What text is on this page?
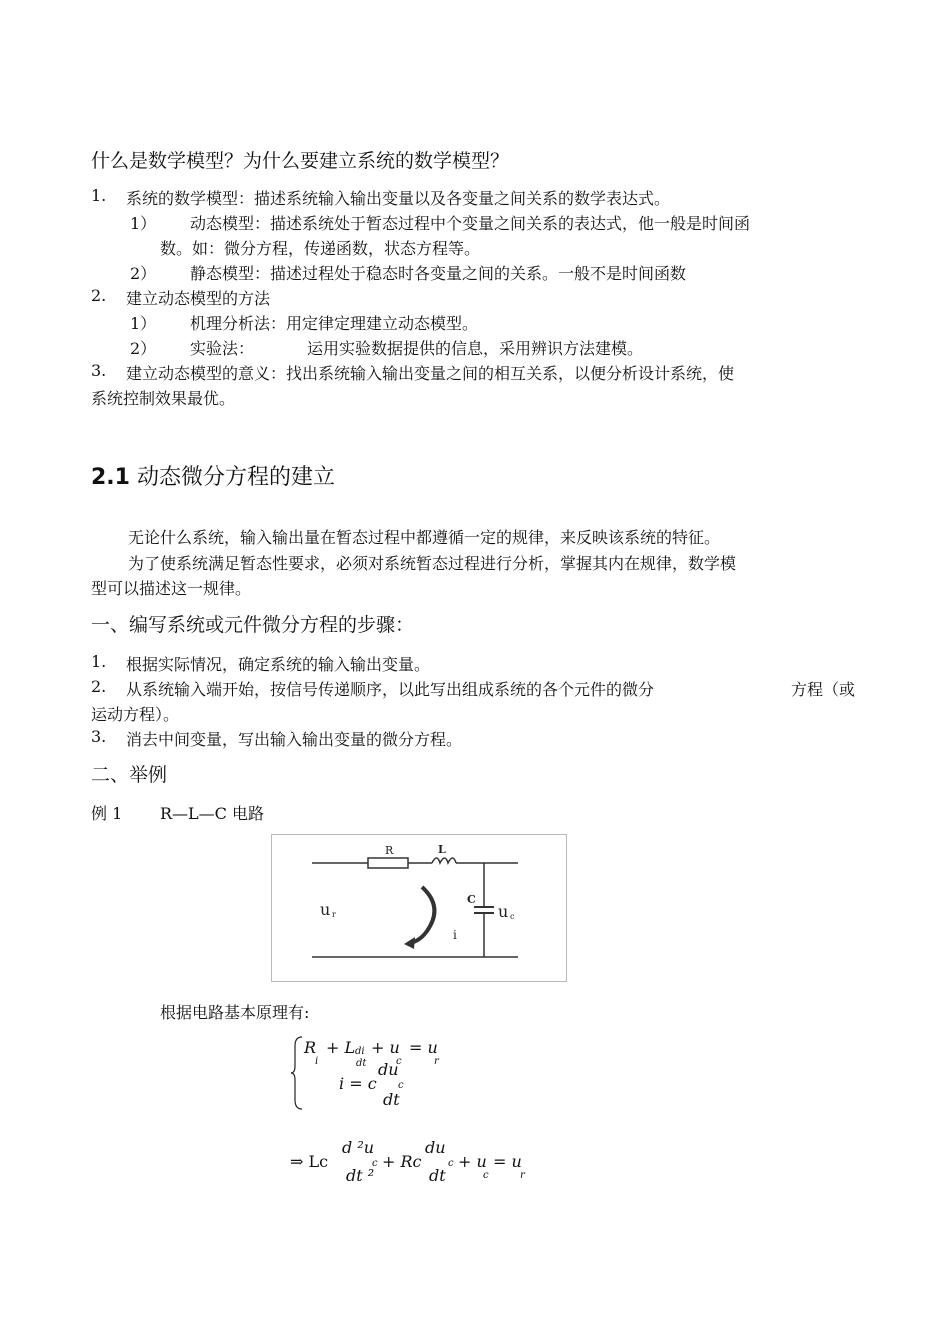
什么是数学模型？为什么要建立系统的数学模型？
1. 系统的数学模型：描述系统输入输出变量以及各变量之间关系的数学表达式。
1） 动态模型：描述系统处于暂态过程中个变量之间关系的表达式，他一般是时间函
数。如：微分方程，传递函数，状态方程等。
2） 静态模型：描述过程处于稳态时各变量之间的关系。一般不是时间函数
2. 建立动态模型的方法
1） 机理分析法：用定律定理建立动态模型。
2） 实验法：	运用实验数据提供的信息，采用辨识方法建模。
3. 建立动态模型的意义：找出系统输入输出变量之间的相互关系，以便分析设计系统，使
系统控制效果最优。
2.1 动态微分方程的建立
无论什么系统，输入输出量在暂态过程中都遵循一定的规律，来反映该系统的特征。
为了使系统满足暂态性要求，必须对系统暂态过程进行分析，掌握其内在规律，数学模
型可以描述这一规律。
一、编写系统或元件微分方程的步骤：
1. 根据实际情况，确定系统的输入输出变量。
2. 从系统输入端开始，按信号传递顺序，以此写出组成系统的各个元件的微分	方程（或
运动方程）。
3. 消去中间变量，写出输入输出变量的微分方程。
二、举例
例 1 R—L—C 电路
R	L
C
u r	u c
i
根据电路基本原理有:
R
i
+ L di
dt
+ u
c
= u
r
i = c
du
c
dt
⇒ Lc
d ²u
dt ²
c + Rc
du
dt
c + u
c
= u
r
